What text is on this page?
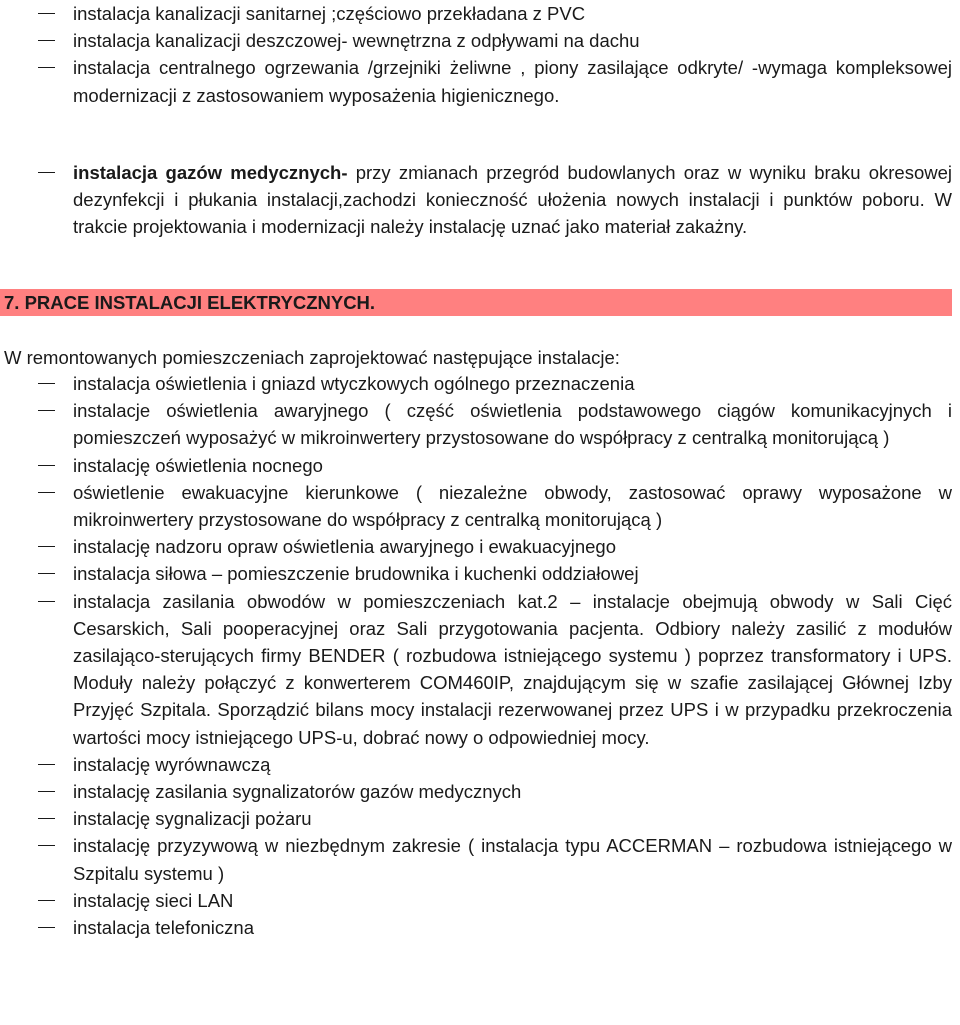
instalacja kanalizacji sanitarnej ;częściowo przekładana z PVC
instalacja kanalizacji deszczowej- wewnętrzna z odpływami na dachu
instalacja centralnego ogrzewania /grzejniki żeliwne , piony zasilające odkryte/ -wymaga kompleksowej modernizacji z zastosowaniem wyposażenia higienicznego.
instalacja gazów medycznych- przy zmianach przegród budowlanych oraz w wyniku braku okresowej dezynfekcji i płukania instalacji,zachodzi konieczność ułożenia nowych instalacji i punktów poboru. W trakcie projektowania i modernizacji należy instalację uznać jako materiał zakażny.
7. PRACE INSTALACJI ELEKTRYCZNYCH.
W remontowanych pomieszczeniach zaprojektować następujące instalacje:
instalacja oświetlenia i gniazd wtyczkowych ogólnego przeznaczenia
instalacje oświetlenia awaryjnego ( część oświetlenia podstawowego ciągów komunikacyjnych i pomieszczeń wyposażyć w mikroinwertery przystosowane do współpracy z centralką monitorującą )
instalację oświetlenia nocnego
oświetlenie ewakuacyjne kierunkowe ( niezależne obwody, zastosować oprawy wyposażone w mikroinwertery przystosowane do współpracy z centralką monitorującą )
instalację nadzoru opraw oświetlenia awaryjnego i ewakuacyjnego
instalacja siłowa – pomieszczenie brudownika i kuchenki oddziałowej
instalacja zasilania obwodów w pomieszczeniach kat.2 – instalacje obejmują obwody w Sali Cięć Cesarskich, Sali pooperacyjnej oraz Sali przygotowania pacjenta. Odbiory należy zasilić z modułów zasilająco-sterujących firmy BENDER ( rozbudowa istniejącego systemu ) poprzez transformatory i UPS. Moduły należy połączyć z konwerterem COM460IP, znajdującym się w szafie zasilającej Głównej Izby Przyjęć Szpitala. Sporządzić bilans mocy instalacji rezerwowanej przez UPS i w przypadku przekroczenia wartości mocy istniejącego UPS-u, dobrać nowy o odpowiedniej mocy.
instalację wyrównawczą
instalację zasilania sygnalizatorów gazów medycznych
instalację sygnalizacji pożaru
instalację przyzywową w niezbędnym zakresie ( instalacja typu ACCERMAN – rozbudowa istniejącego w Szpitalu systemu )
instalację sieci LAN
instalacja telefoniczna
